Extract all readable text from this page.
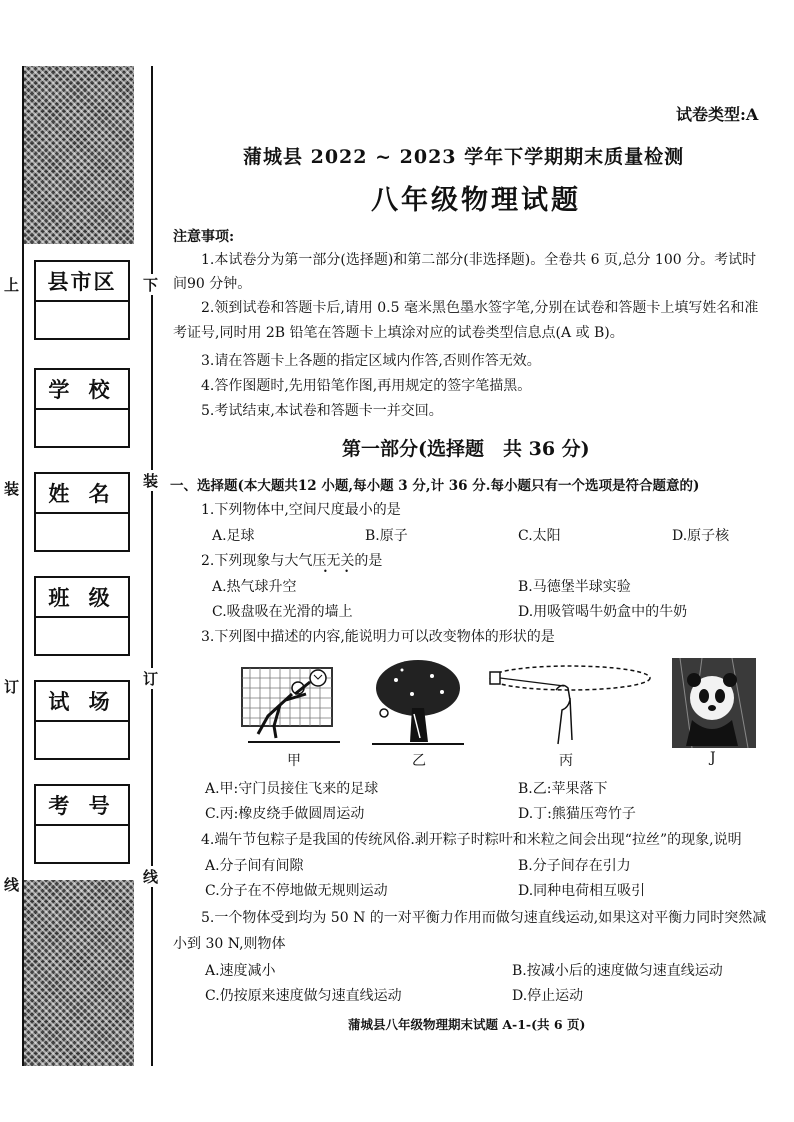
上	下
装	装
订	订
线	线
县市区
学 校
姓 名
班 级
试 场
考 号
试卷类型:A
蒲城县 2022 ~ 2023 学年下学期期末质量检测
八年级物理试题
注意事项:
1.本试卷分为第一部分(选择题)和第二部分(非选择题)。全卷共 6 页,总分 100 分。考试时
间90 分钟。
2.领到试卷和答题卡后,请用 0.5 毫米黑色墨水签字笔,分别在试卷和答题卡上填写姓名和准
考证号,同时用 2B 铅笔在答题卡上填涂对应的试卷类型信息点(A 或 B)。
3.请在答题卡上各题的指定区域内作答,否则作答无效。
4.答作图题时,先用铅笔作图,再用规定的签字笔描黑。
5.考试结束,本试卷和答题卡一并交回。
第一部分(选择题　共 36 分)
一、选择题(本大题共12 小题,每小题 3 分,计 36 分.每小题只有一个选项是符合题意的)
1.下列物体中,空间尺度最小的是
A.足球	B.原子	C.太阳	D.原子核
2.下列现象与大气压无关的是
• •
A.热气球升空	B.马德堡半球实验
C.吸盘吸在光滑的墙上	D.用吸管喝牛奶盒中的牛奶
3.下列图中描述的内容,能说明力可以改变物体的形状的是
甲	乙	丙	J
A.甲:守门员接住飞来的足球	B.乙:苹果落下
C.丙:橡皮绕手做圆周运动	D.丁:熊猫压弯竹子
4.端午节包粽子是我国的传统风俗.剥开粽子时粽叶和米粒之间会出现“拉丝”的现象,说明
A.分子间有间隙	B.分子间存在引力
C.分子在不停地做无规则运动	D.同种电荷相互吸引
5.一个物体受到均为 50 N 的一对平衡力作用而做匀速直线运动,如果这对平衡力同时突然减
小到 30 N,则物体
A.速度减小	B.按减小后的速度做匀速直线运动
C.仍按原来速度做匀速直线运动	D.停止运动
蒲城县八年级物理期末试题 A-1-(共 6 页)
